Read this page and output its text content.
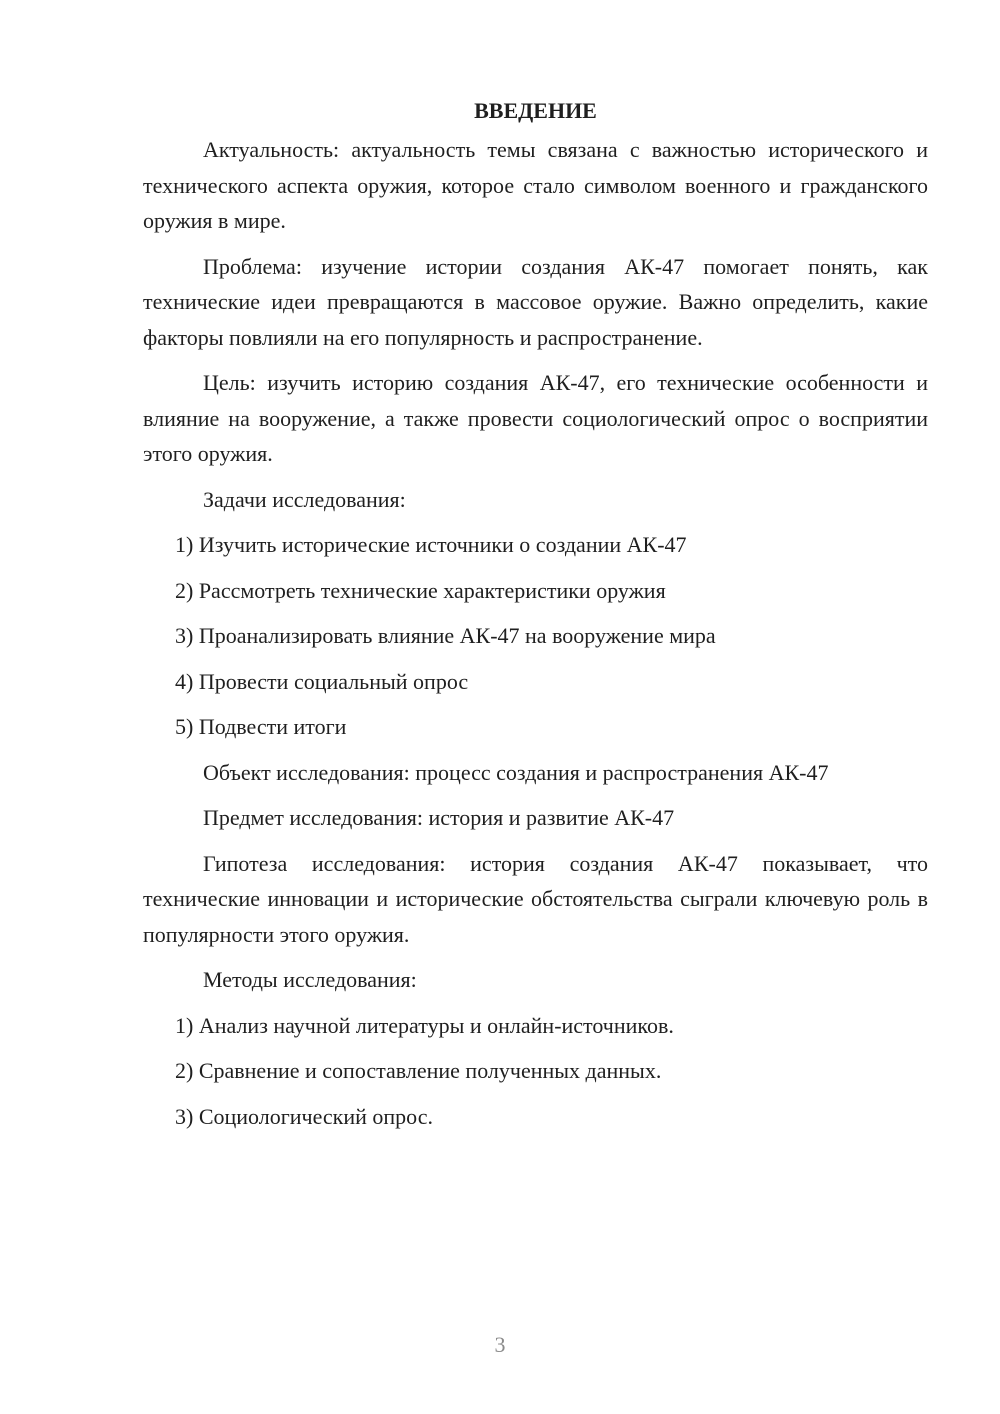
ВВЕДЕНИЕ

Актуальность: актуальность темы связана с важностью исторического и технического аспекта оружия, которое стало символом военного и гражданского оружия в мире.

Проблема: изучение истории создания АК-47 помогает понять, как технические идеи превращаются в массовое оружие. Важно определить, какие факторы повлияли на его популярность и распространение.

Цель: изучить историю создания АК-47, его технические особенности и влияние на вооружение, а также провести социологический опрос о восприятии этого оружия.

Задачи исследования:

1) Изучить исторические источники о создании АК-47
2) Рассмотреть технические характеристики оружия
3) Проанализировать влияние АК-47 на вооружение мира
4) Провести социальный опрос
5) Подвести итоги

Объект исследования: процесс создания и распространения АК-47

Предмет исследования: история и развитие АК-47

Гипотеза исследования: история создания АК-47 показывает, что технические инновации и исторические обстоятельства сыграли ключевую роль в популярности этого оружия.

Методы исследования:

1) Анализ научной литературы и онлайн-источников.
2) Сравнение и сопоставление полученных данных.
3) Социологический опрос.
3
